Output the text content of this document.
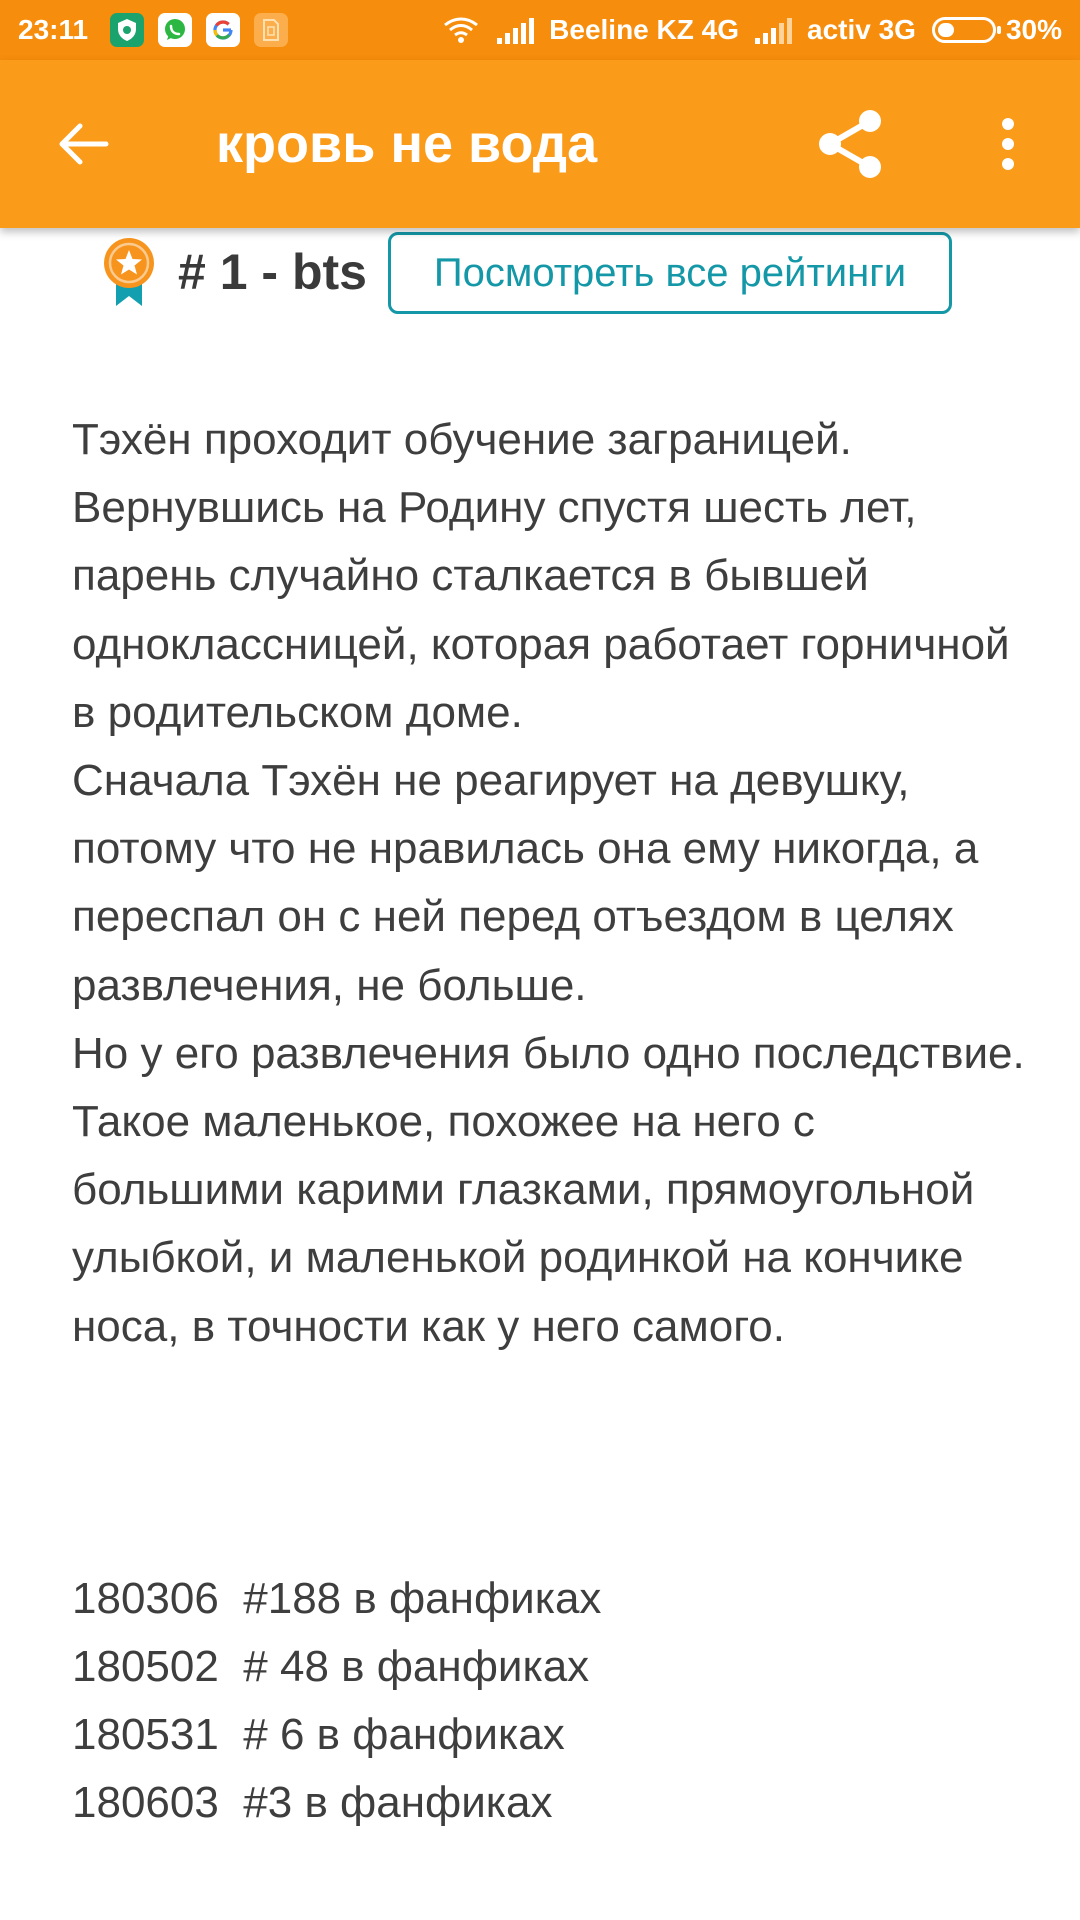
23:11	Beeline KZ 4G activ 3G	30%
кровь не вода
# 1 - bts	Посмотреть все рейтинги

Тэхён проходит обучение заграницей. Вернувшись на Родину спустя шесть лет, парень случайно сталкается в бывшей одноклассницей, которая работает горничной в родительском доме.

Сначала Тэхён не реагирует на девушку, потому что не нравилась она ему никогда, а переспал он с ней перед отъездом в целях развлечения, не больше.

Но у его развлечения было одно последствие. Такое маленькое, похожее на него с большими карими глазками, прямоугольной улыбкой, и маленькой родинкой на кончике носа, в точности как у него самого.

180306  #188 в фанфиках

180502  # 48 в фанфиках

180531  # 6 в фанфиках

180603  #3 в фанфиках
